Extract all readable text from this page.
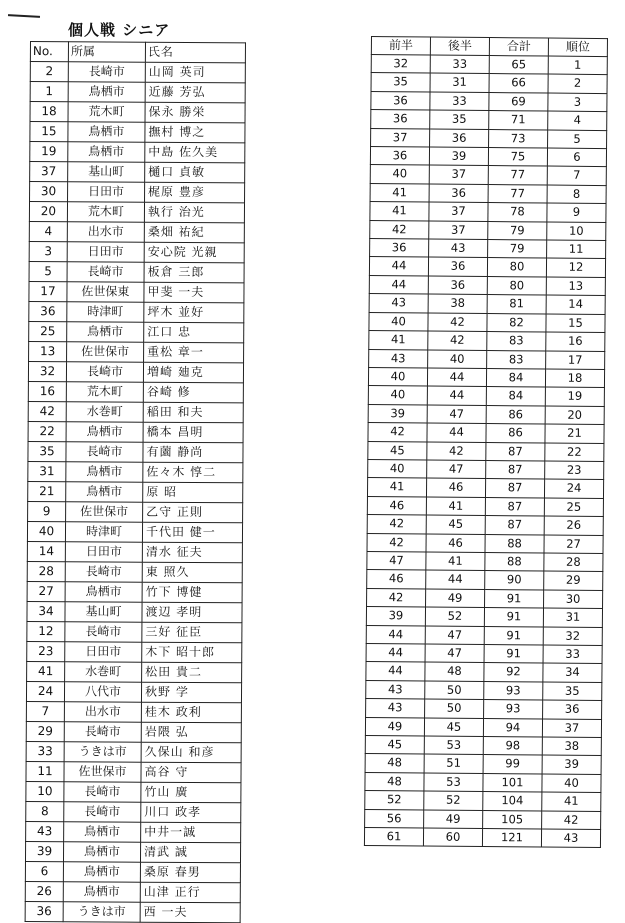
個人戦 シニア
No.	所属	氏名
2	長崎市	山岡 英司
1	鳥栖市	近藤 芳弘
18	荒木町	保永 勝栄
15	鳥栖市	撫村 博之
19	鳥栖市	中島 佐久美
37	基山町	樋口 貞敏
30	日田市	梶原 豊彦
20	荒木町	執行 治光
4	出水市	桑畑 祐紀
3	日田市	安心院 光親
5	長崎市	板倉 三郎
17	佐世保東	甲斐 一夫
36	時津町	坪木 並好
25	鳥栖市	江口 忠
13	佐世保市	重松 章一
32	長崎市	増崎 廸克
16	荒木町	谷崎 修
42	水巻町	稲田 和夫
22	鳥栖市	橋本 昌明
35	長崎市	有薗 静尚
31	鳥栖市	佐々木 惇二
21	鳥栖市	原 昭
9	佐世保市	乙守 正則
40	時津町	千代田 健一
14	日田市	清水 征夫
28	長崎市	東 照久
27	鳥栖市	竹下 博健
34	基山町	渡辺 孝明
12	長崎市	三好 征臣
23	日田市	木下 昭十郎
41	水巻町	松田 貴二
24	八代市	秋野 学
7	出水市	桂木 政利
29	長崎市	岩隈 弘
33	うきは市	久保山 和彦
11	佐世保市	高谷 守
10	長崎市	竹山 廣
8	長崎市	川口 政孝
43	鳥栖市	中井一誠
39	鳥栖市	清武 誠
6	鳥栖市	桑原 春男
26	鳥栖市	山津 正行
36	うきは市	西 一夫
前半	後半	合計	順位
32	33	65	1
35	31	66	2
36	33	69	3
36	35	71	4
37	36	73	5
36	39	75	6
40	37	77	7
41	36	77	8
41	37	78	9
42	37	79	10
36	43	79	11
44	36	80	12
44	36	80	13
43	38	81	14
40	42	82	15
41	42	83	16
43	40	83	17
40	44	84	18
40	44	84	19
39	47	86	20
42	44	86	21
45	42	87	22
40	47	87	23
41	46	87	24
46	41	87	25
42	45	87	26
42	46	88	27
47	41	88	28
46	44	90	29
42	49	91	30
39	52	91	31
44	47	91	32
44	47	91	33
44	48	92	34
43	50	93	35
43	50	93	36
49	45	94	37
45	53	98	38
48	51	99	39
48	53	101	40
52	52	104	41
56	49	105	42
61	60	121	43
